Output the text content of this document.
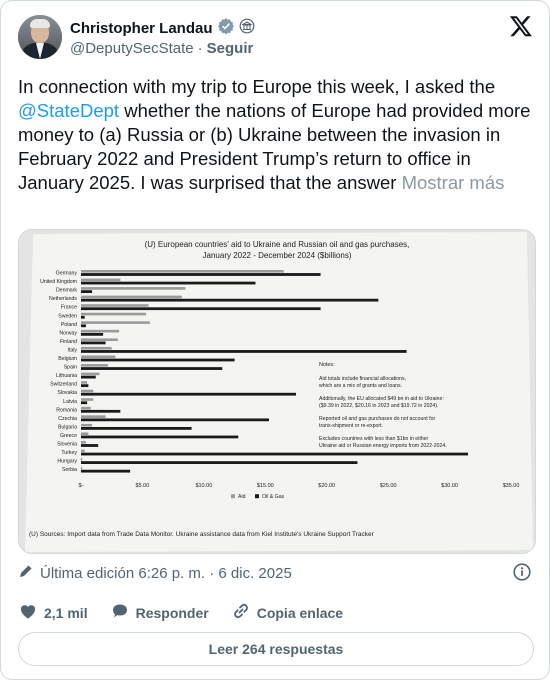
Christopher Landau
@DeputySecState · Seguir
In connection with my trip to Europe this week, I asked the @StateDept whether the nations of Europe had provided more money to (a) Russia or (b) Ukraine between the invasion in February 2022 and President Trump’s return to office in January 2025. I was surprised that the answer Mostrar más
(U) European countries' aid to Ukraine and Russian oil and gas purchases,
January 2022 - December 2024 ($billions)
Germany
United Kingdom
Denmark
Netherlands
France
Sweden
Poland
Norway
Finland
Italy
Belgium
Spain
Lithuania
Switzerland
Slovakia
Latvia
Romania
Czechia
Bulgaria
Greece
Slovenia
Turkey
Hungary
Serbia
$-	$5.00	$10.00	$15.00	$20.00	$25.00	$30.00	$35.00
Notes:
Aid totals include financial allocations,
which are a mix of grants and loans.
Additionally, the EU allocated $49 bn in aid to Ukraine:
($9.39 in 2022, $20.16 in 2023 and $19.72 in 2024).
Reported oil and gas purchases do not account for
trans-shipment or re-export.
Excludes countries with less than $1bn in either
Ukraine aid or Russian energy imports from 2022-2024.
Aid	Oil & Gas
(U) Sources: Import data from Trade Data Monitor. Ukraine assistance data from Kiel Institute's Ukraine Support Tracker
Última edición 6:26 p. m. · 6 dic. 2025
2,1 mil	Responder	Copia enlace
Leer 264 respuestas
